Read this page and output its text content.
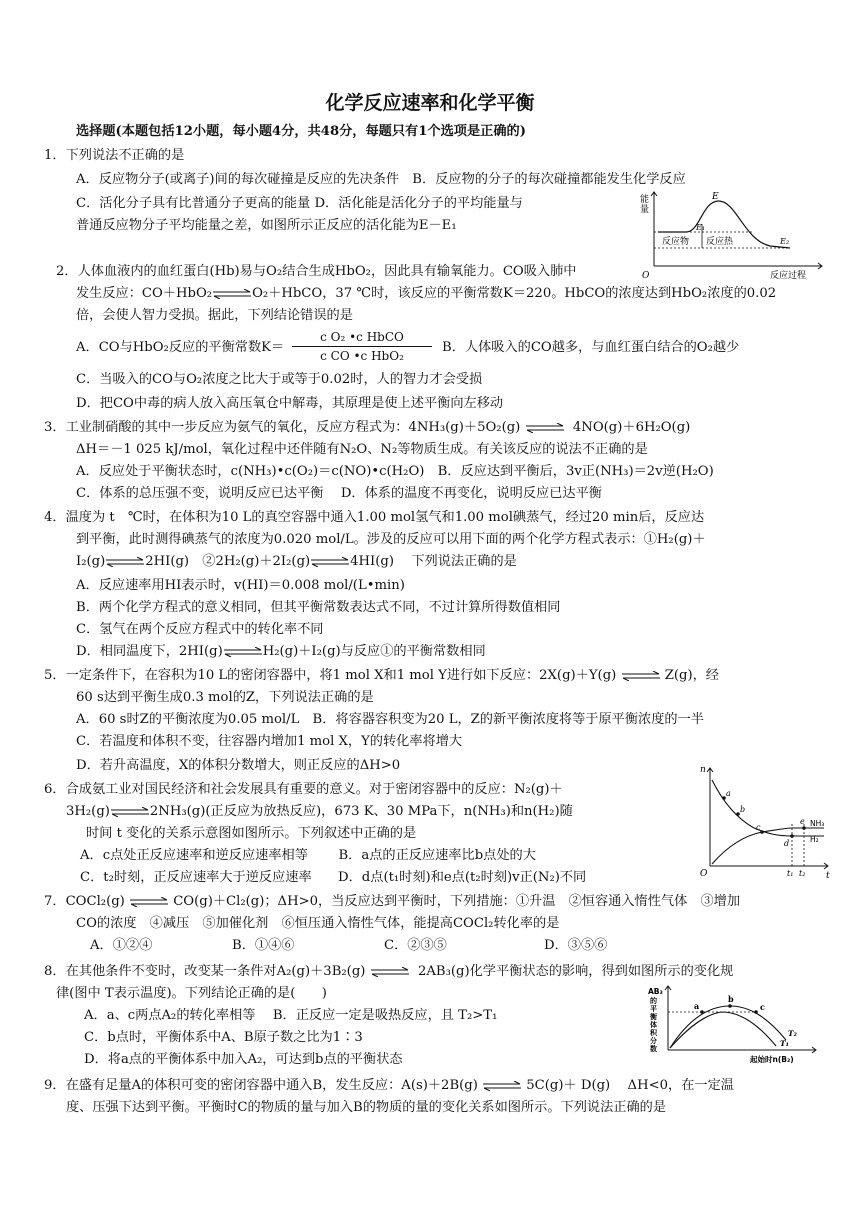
化学反应速率和化学平衡
选择题(本题包括12小题，每小题4分，共48分，每题只有1个选项是正确的)
1．下列说法不正确的是
A．反应物分子(或离子)间的每次碰撞是反应的先决条件　B．反应物的分子的每次碰撞都能发生化学反应
C．活化分子具有比普通分子更高的能量 D．活化能是活化分子的平均能量与
普通反应物分子平均能量之差，如图所示正反应的活化能为E－E₁
能
量
O
E
E₁
E₂
反应物 反应热
反应过程
2．人体血液内的血红蛋白(Hb)易与O₂结合生成HbO₂，因此具有输氧能力。CO吸入肺中
发生反应：CO＋HbO₂	O₂＋HbCO，37 ℃时，该反应的平衡常数K＝220。HbCO的浓度达到HbO₂浓度的0.02
倍，会使人智力受损。据此，下列结论错误的是
A．CO与HbO₂反应的平衡常数K＝
c O₂ •c HbCO
c CO •c HbO₂
B．人体吸入的CO越多，与血红蛋白结合的O₂越少
C．当吸入的CO与O₂浓度之比大于或等于0.02时，人的智力才会受损
D．把CO中毒的病人放入高压氧仓中解毒，其原理是使上述平衡向左移动
3．工业制硝酸的其中一步反应为氨气的氧化，反应方程式为：4NH₃(g)＋5O₂(g)	4NO(g)＋6H₂O(g)
ΔH＝－1 025 kJ/mol，氧化过程中还伴随有N₂O、N₂等物质生成。有关该反应的说法不正确的是
A．反应处于平衡状态时，c(NH₃)•c(O₂)＝c(NO)•c(H₂O)　B．反应达到平衡后，3v正(NH₃)＝2v逆(H₂O)
C．体系的总压强不变，说明反应已达平衡　 D．体系的温度不再变化，说明反应已达平衡
4．温度为 t　℃时，在体积为10 L的真空容器中通入1.00 mol氢气和1.00 mol碘蒸气，经过20 min后，反应达
到平衡，此时测得碘蒸气的浓度为0.020 mol/L。涉及的反应可以用下面的两个化学方程式表示：①H₂(g)＋
I₂(g)	2HI(g)　②2H₂(g)＋2I₂(g)	4HI(g)　 下列说法正确的是
A．反应速率用HI表示时，v(HI)＝0.008 mol/(L•min)
B．两个化学方程式的意义相同，但其平衡常数表达式不同，不过计算所得数值相同
C．氢气在两个反应方程式中的转化率不同
D．相同温度下，2HI(g)	H₂(g)＋I₂(g)与反应①的平衡常数相同
5．一定条件下，在容积为10 L的密闭容器中，将1 mol X和1 mol Y进行如下反应：2X(g)＋Y(g)	Z(g)，经
60 s达到平衡生成0.3 mol的Z，下列说法正确的是
A．60 s时Z的平衡浓度为0.05 mol/L　B．将容器容积变为20 L，Z的新平衡浓度将等于原平衡浓度的一半
C．若温度和体积不变，往容器内增加1 mol X，Y的转化率将增大
D．若升高温度，X的体积分数增大，则正反应的ΔH>0
6．合成氨工业对国民经济和社会发展具有重要的意义。对于密闭容器中的反应：N₂(g)＋
3H₂(g)	2NH₃(g)(正反应为放热反应)，673 K、30 MPa下，n(NH₃)和n(H₂)随
时间 t 变化的关系示意图如图所示。下列叙述中正确的是
A．c点处正反应速率和逆反应速率相等　　 B．a点的正反应速率比b点处的大
C．t₂时刻，正反应速率大于逆反应速率　　D．d点(t₁时刻)和e点(t₂时刻)v正(N₂)不同
n
O	t
a
b
c
d
e NH₃
H₂
t₁ t₂
7．COCl₂(g)	CO(g)＋Cl₂(g)；ΔH>0，当反应达到平衡时，下列措施：①升温　②恒容通入惰性气体　③增加
CO的浓度　④减压　⑤加催化剂　⑥恒压通入惰性气体，能提高COCl₂转化率的是
A．①②④	B．①④⑥	C．②③⑤	D．③⑤⑥
8．在其他条件不变时，改变某一条件对A₂(g)＋3B₂(g)	2AB₃(g)化学平衡状态的影响，得到如图所示的变化规
律(图中 T表示温度)。下列结论正确的是(　　)
A．a、c两点A₂的转化率相等　 B．正反应一定是吸热反应，且 T₂>T₁
C．b点时，平衡体系中A、B原子数之比为1∶3
D．将a点的平衡体系中加入A₂，可达到b点的平衡状态
AB₃
的
平
衡
体
积
分
数
a
b
c
T₂
T₁
起始时n(B₂)
9．在盛有足量A的体积可变的密闭容器中通入B，发生反应：A(s)＋2B(g)	5C(g)＋ D(g)　 ΔH<0，在一定温
度、压强下达到平衡。平衡时C的物质的量与加入B的物质的量的变化关系如图所示。下列说法正确的是
